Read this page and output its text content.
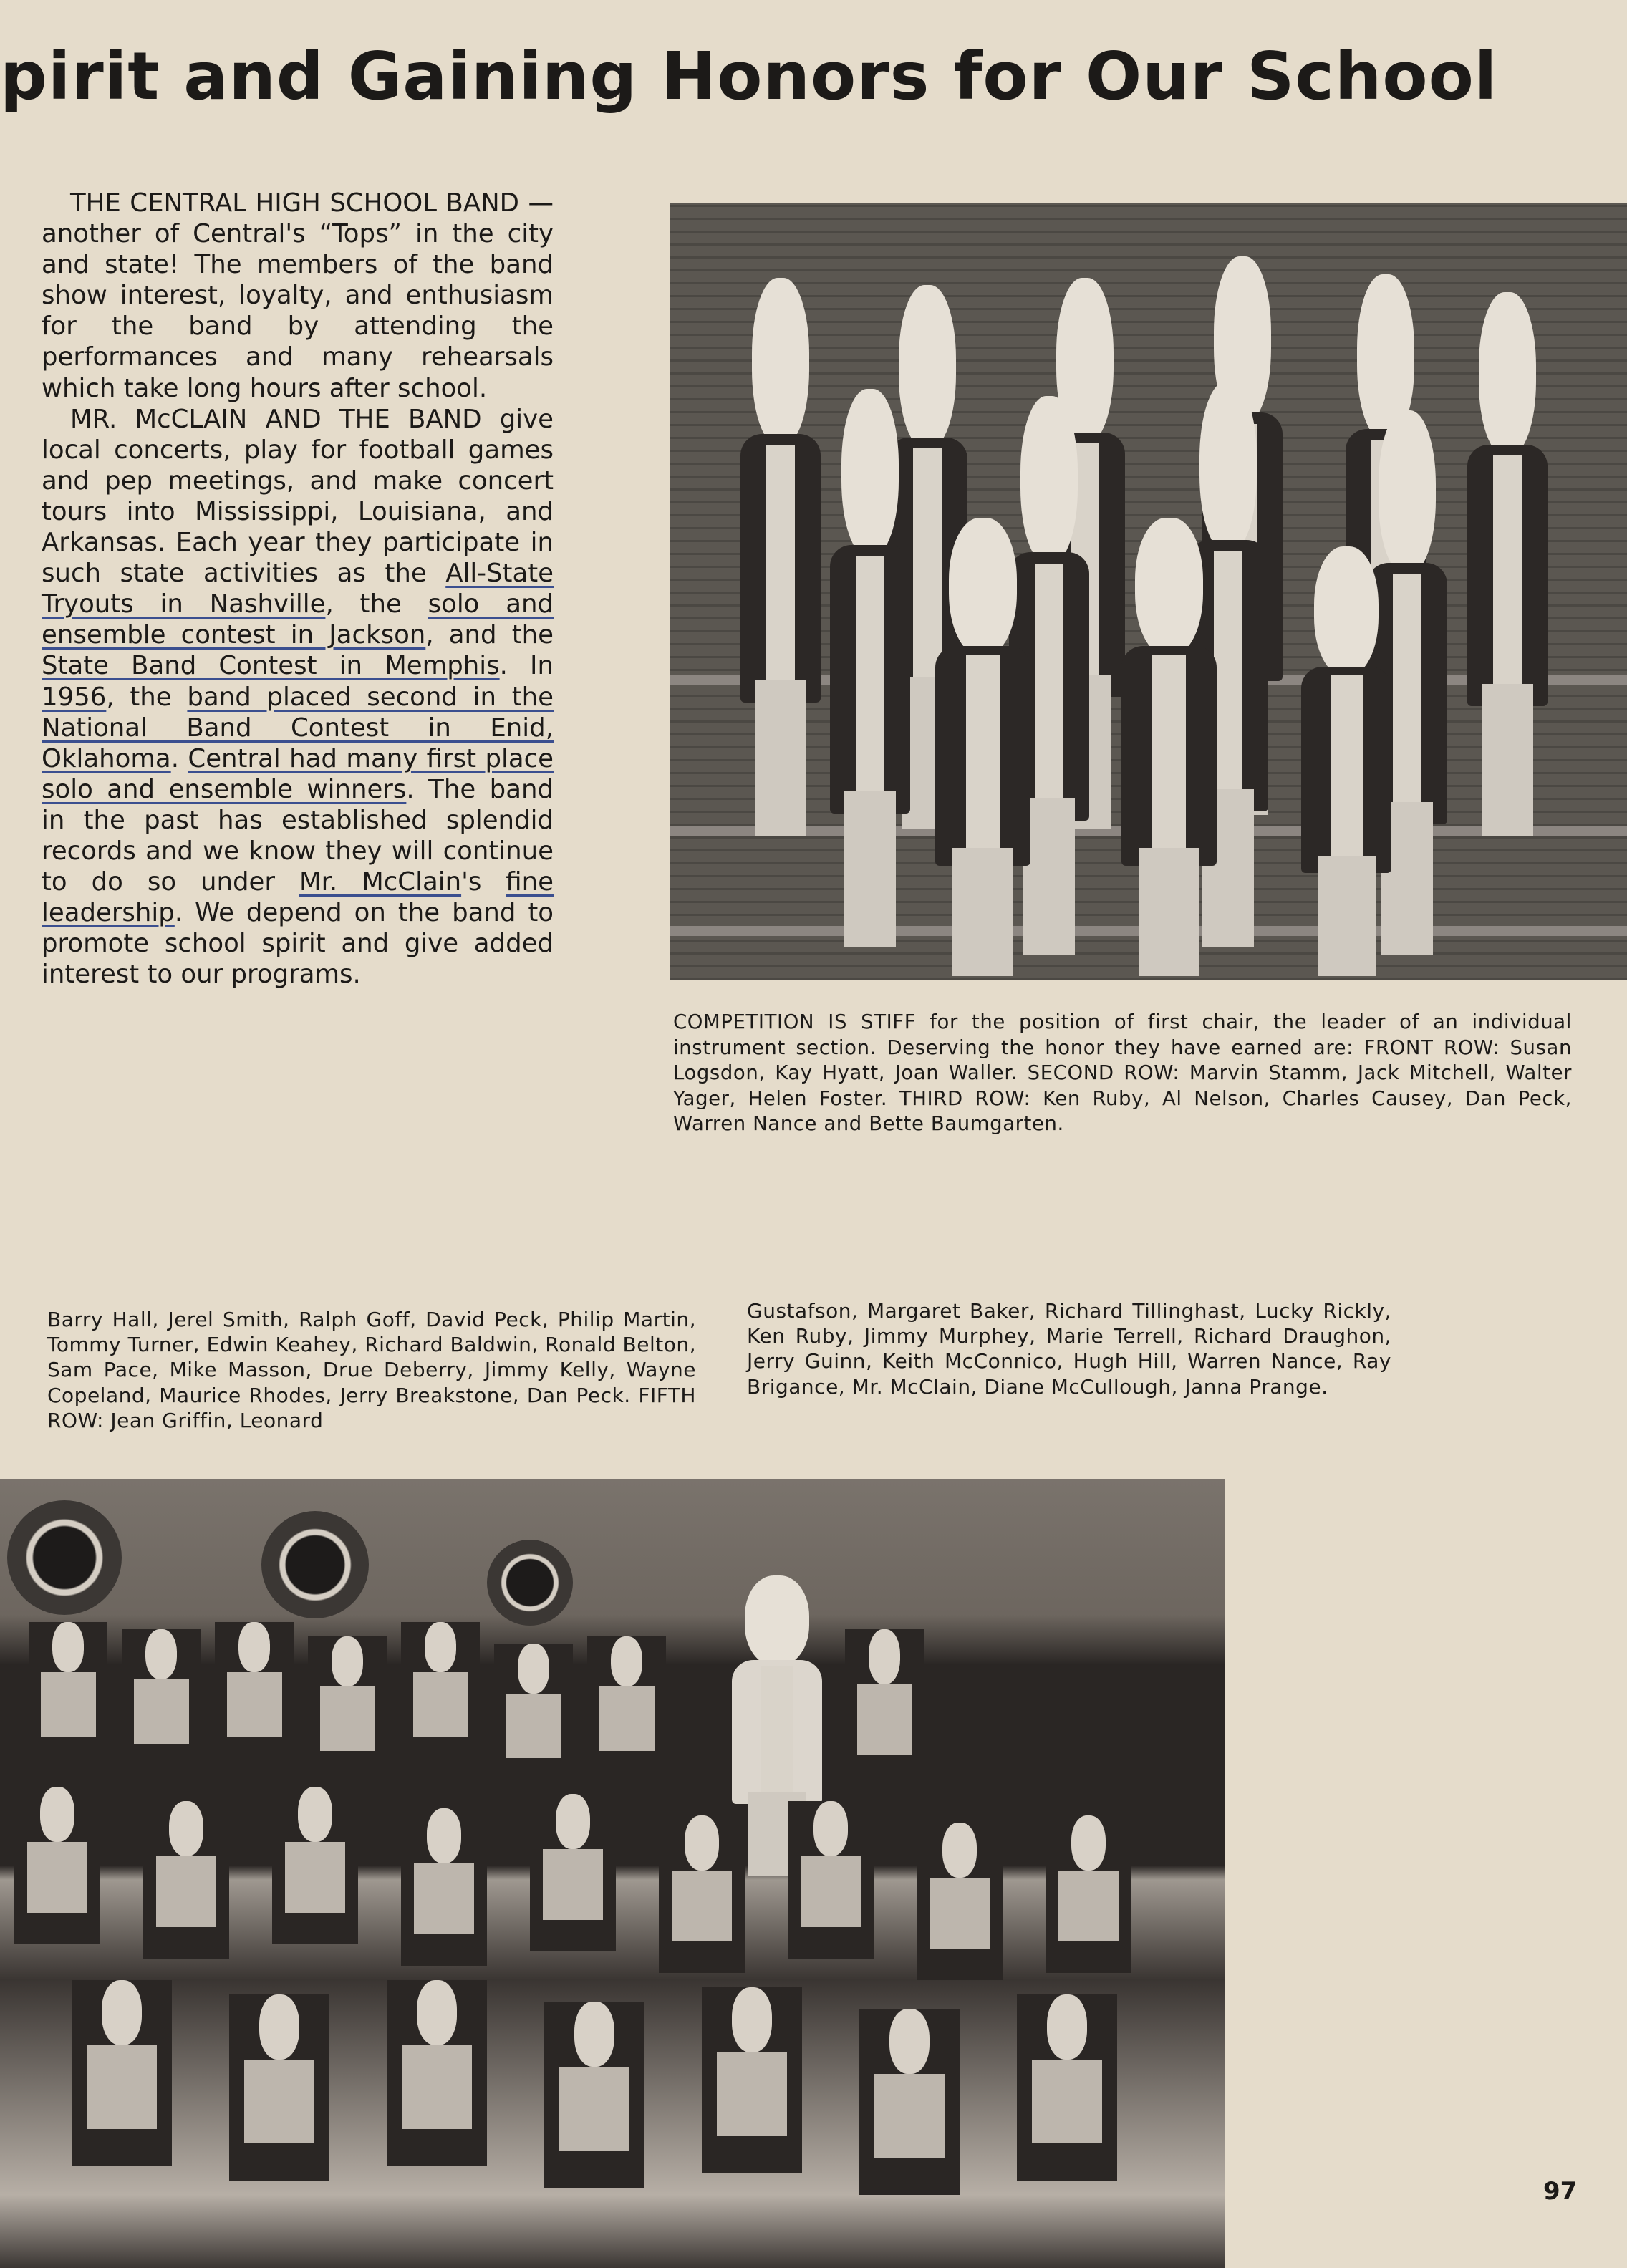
pirit and Gaining Honors for Our School

THE CENTRAL HIGH SCHOOL BAND —another of Central's “Tops” in the city and state! The members of the band show interest, loyalty, and enthusiasm for the band by attending the performances and many rehearsals which take long hours after school.

MR. McCLAIN AND THE BAND give local concerts, play for football games and pep meetings, and make concert tours into Mississippi, Louisiana, and Arkansas. Each year they participate in such state activities as the All-State Tryouts in Nashville, the solo and ensemble contest in Jackson, and the State Band Contest in Memphis. In 1956, the band placed second in the National Band Contest in Enid, Oklahoma. Central had many first place solo and ensemble winners. The band in the past has established splendid records and we know they will continue to do so under Mr. McClain's fine leadership. We depend on the band to promote school spirit and give added interest to our programs.

COMPETITION IS STIFF for the position of first chair, the leader of an individual instrument section. Deserving the honor they have earned are: FRONT ROW: Susan Logsdon, Kay Hyatt, Joan Waller. SECOND ROW: Marvin Stamm, Jack Mitchell, Walter Yager, Helen Foster. THIRD ROW: Ken Ruby, Al Nelson, Charles Causey, Dan Peck, Warren Nance and Bette Baumgarten.
Barry Hall, Jerel Smith, Ralph Goff, David Peck, Philip Martin, Tommy Turner, Edwin Keahey, Richard Baldwin, Ronald Belton, Sam Pace, Mike Masson, Drue Deberry, Jimmy Kelly, Wayne Copeland, Maurice Rhodes, Jerry Breakstone, Dan Peck. FIFTH ROW: Jean Griffin, Leonard
Gustafson, Margaret Baker, Richard Tillinghast, Lucky Rickly, Ken Ruby, Jimmy Murphey, Marie Terrell, Richard Draughon, Jerry Guinn, Keith McConnico, Hugh Hill, Warren Nance, Ray Brigance, Mr. McClain, Diane McCullough, Janna Prange.
97
